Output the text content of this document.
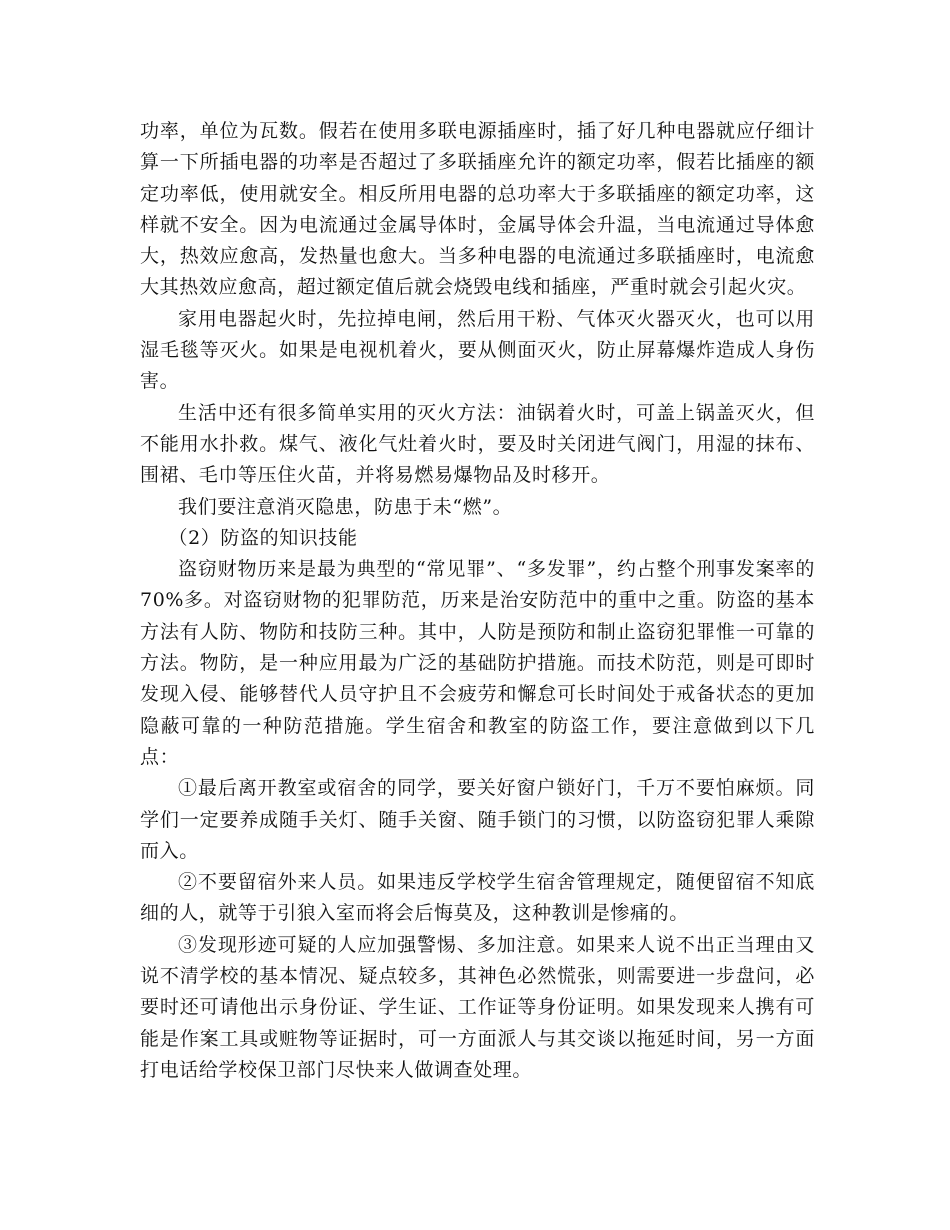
功率，单位为瓦数。假若在使用多联电源插座时，插了好几种电器就应仔细计算一下所插电器的功率是否超过了多联插座允许的额定功率，假若比插座的额定功率低，使用就安全。相反所用电器的总功率大于多联插座的额定功率，这样就不安全。因为电流通过金属导体时，金属导体会升温，当电流通过导体愈大，热效应愈高，发热量也愈大。当多种电器的电流通过多联插座时，电流愈大其热效应愈高，超过额定值后就会烧毁电线和插座，严重时就会引起火灾。

家用电器起火时，先拉掉电闸，然后用干粉、气体灭火器灭火，也可以用湿毛毯等灭火。如果是电视机着火，要从侧面灭火，防止屏幕爆炸造成人身伤害。

生活中还有很多简单实用的灭火方法：油锅着火时，可盖上锅盖灭火，但不能用水扑救。煤气、液化气灶着火时，要及时关闭进气阀门，用湿的抹布、围裙、毛巾等压住火苗，并将易燃易爆物品及时移开。

我们要注意消灭隐患，防患于未“燃”。

（2）防盗的知识技能

盗窃财物历来是最为典型的“常见罪”、“多发罪”，约占整个刑事发案率的70%多。对盗窃财物的犯罪防范，历来是治安防范中的重中之重。防盗的基本方法有人防、物防和技防三种。其中，人防是预防和制止盗窃犯罪惟一可靠的方法。物防，是一种应用最为广泛的基础防护措施。而技术防范，则是可即时发现入侵、能够替代人员守护且不会疲劳和懈怠可长时间处于戒备状态的更加隐蔽可靠的一种防范措施。学生宿舍和教室的防盗工作，要注意做到以下几点：

①最后离开教室或宿舍的同学，要关好窗户锁好门，千万不要怕麻烦。同学们一定要养成随手关灯、随手关窗、随手锁门的习惯，以防盗窃犯罪人乘隙而入。

②不要留宿外来人员。如果违反学校学生宿舍管理规定，随便留宿不知底细的人，就等于引狼入室而将会后悔莫及，这种教训是惨痛的。

③发现形迹可疑的人应加强警惕、多加注意。如果来人说不出正当理由又说不清学校的基本情况、疑点较多，其神色必然慌张，则需要进一步盘问，必要时还可请他出示身份证、学生证、工作证等身份证明。如果发现来人携有可能是作案工具或赃物等证据时，可一方面派人与其交谈以拖延时间，另一方面打电话给学校保卫部门尽快来人做调查处理。
